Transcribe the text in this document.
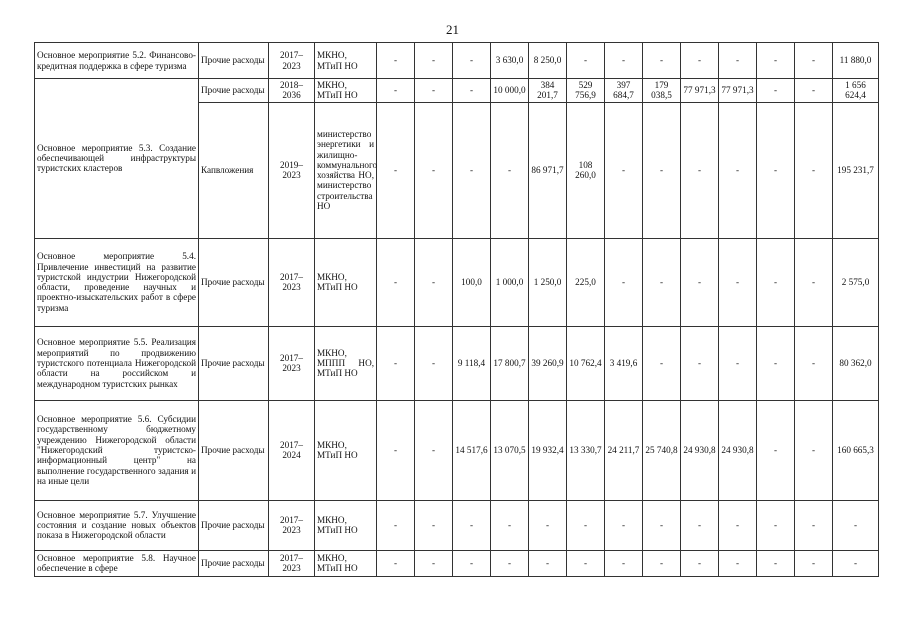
21
Основное мероприятие 5.2. Финансово-кредитная поддержка в сфере туризма	Прочие расходы	2017–2023	МКНО, МТиП НО	-	-	-	3 630,0	8 250,0	-	-	-	-	-	-	-	11 880,0
Основное мероприятие 5.3. Создание обеспечивающей инфраструктуры туристских кластеров	Прочие расходы	2018–2036	МКНО, МТиП НО	-	-	-	10 000,0	384 201,7	529 756,9	397 684,7	179 038,5	77 971,3	77 971,3	-	-	1 656 624,4
	Капвложения	2019–2023	министерство энергетики и жилищно-коммунального хозяйства НО, министерство строительства НО	-	-	-	-	86 971,7	108 260,0	-	-	-	-	-	-	195 231,7
Основное мероприятие 5.4. Привлечение инвестиций на развитие туристской индустрии Нижегородской области, проведение научных и проектно-изыскательских работ в сфере туризма	Прочие расходы	2017–2023	МКНО, МТиП НО	-	-	100,0	1 000,0	1 250,0	225,0	-	-	-	-	-	-	2 575,0
Основное мероприятие 5.5. Реализация мероприятий по продвижению туристского потенциала Нижегородской области на российском и международном туристских рынках	Прочие расходы	2017–2023	МКНО, МППП НО, МТиП НО	-	-	9 118,4	17 800,7	39 260,9	10 762,4	3 419,6	-	-	-	-	-	80 362,0
Основное мероприятие 5.6. Субсидии государственному бюджетному учреждению Нижегородской области "Нижегородский туристско-информационный центр" на выполнение государственного задания и на иные цели	Прочие расходы	2017–2024	МКНО, МТиП НО	-	-	14 517,6	13 070,5	19 932,4	13 330,7	24 211,7	25 740,8	24 930,8	24 930,8	-	-	160 665,3
Основное мероприятие 5.7. Улучшение состояния и создание новых объектов показа в Нижегородской области	Прочие расходы	2017–2023	МКНО, МТиП НО	-	-	-	-	-	-	-	-	-	-	-	-	-
Основное мероприятие 5.8. Научное обеспечение в сфере	Прочие расходы	2017–2023	МКНО, МТиП НО	-	-	-	-	-	-	-	-	-	-	-	-	-
